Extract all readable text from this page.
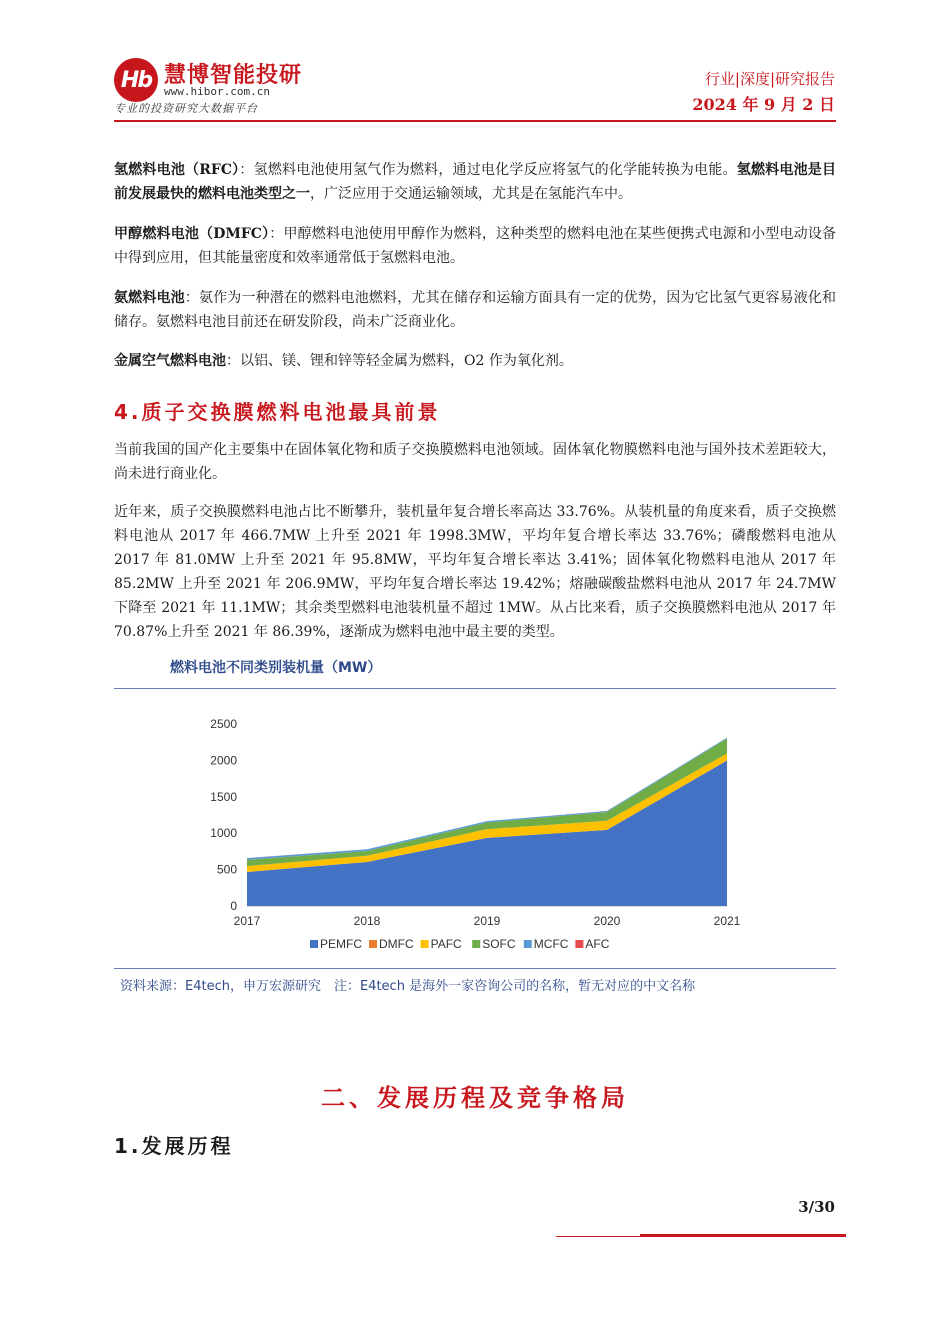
Hb 慧博智能投研
www.hibor.com.cn
专业的投资研究大数据平台
行业|深度|研究报告
2024 年 9 月 2 日
氢燃料电池（RFC）：氢燃料电池使用氢气作为燃料，通过电化学反应将氢气的化学能转换为电能。氢燃料电池是目前发展最快的燃料电池类型之一，广泛应用于交通运输领域，尤其是在氢能汽车中。
甲醇燃料电池（DMFC）：甲醇燃料电池使用甲醇作为燃料，这种类型的燃料电池在某些便携式电源和小型电动设备中得到应用，但其能量密度和效率通常低于氢燃料电池。
氨燃料电池：氨作为一种潜在的燃料电池燃料，尤其在储存和运输方面具有一定的优势，因为它比氢气更容易液化和储存。氨燃料电池目前还在研发阶段，尚未广泛商业化。
金属空气燃料电池：以铝、镁、锂和锌等轻金属为燃料，O2 作为氧化剂。
4.质子交换膜燃料电池最具前景
当前我国的国产化主要集中在固体氧化物和质子交换膜燃料电池领域。固体氧化物膜燃料电池与国外技术差距较大，尚未进行商业化。
近年来，质子交换膜燃料电池占比不断攀升，装机量年复合增长率高达 33.76%。从装机量的角度来看，质子交换燃料电池从 2017 年 466.7MW 上升至 2021 年 1998.3MW，平均年复合增长率达 33.76%；磷酸燃料电池从 2017 年 81.0MW 上升至 2021 年 95.8MW，平均年复合增长率达 3.41%；固体氧化物燃料电池从 2017 年 85.2MW 上升至 2021 年 206.9MW，平均年复合增长率达 19.42%；熔融碳酸盐燃料电池从 2017 年 24.7MW 下降至 2021 年 11.1MW；其余类型燃料电池装机量不超过 1MW。从占比来看，质子交换膜燃料电池从 2017 年 70.87%上升至 2021 年 86.39%，逐渐成为燃料电池中最主要的类型。
燃料电池不同类别装机量（MW）
0
500
1000
1500
2000
2500
2017	2018	2019	2020	2021
PEMFC DMFC PAFC SOFC MCFC AFC
资料来源：E4tech，申万宏源研究　注：E4tech 是海外一家咨询公司的名称，暂无对应的中文名称
二、发展历程及竞争格局
1.发展历程
3/30
